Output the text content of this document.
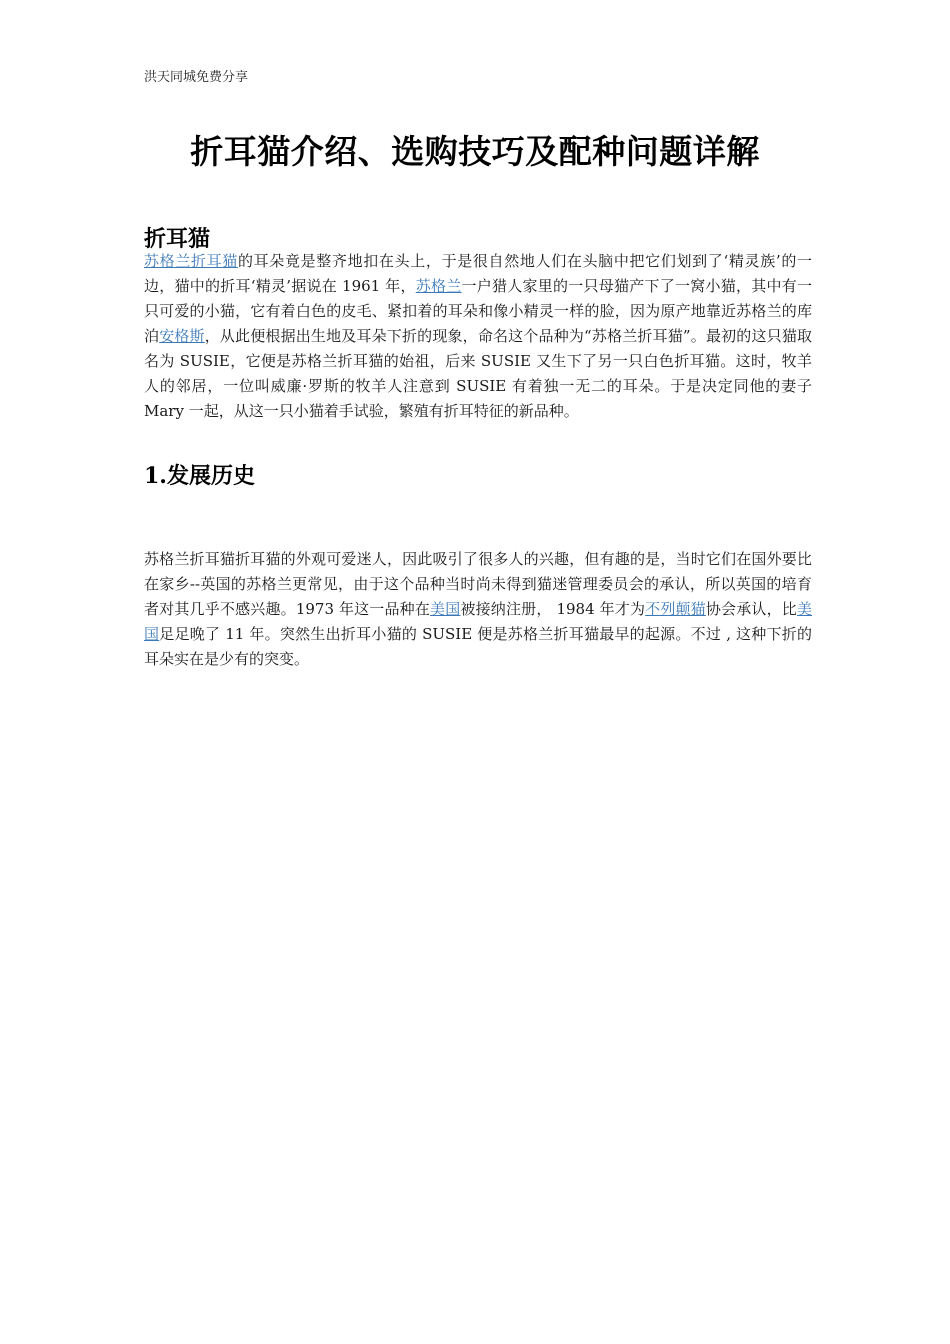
洪天同城免费分享
折耳猫介绍、选购技巧及配种问题详解
折耳猫
苏格兰折耳猫的耳朵竟是整齐地扣在头上，于是很自然地人们在头脑中把它们划到了‘精灵族’的一边，猫中的折耳‘精灵’据说在 1961 年，苏格兰一户猎人家里的一只母猫产下了一窝小猫，其中有一只可爱的小猫，它有着白色的皮毛、紧扣着的耳朵和像小精灵一样的脸，因为原产地靠近苏格兰的库泊安格斯，从此便根据出生地及耳朵下折的现象，命名这个品种为“苏格兰折耳猫”。最初的这只猫取名为 SUSIE，它便是苏格兰折耳猫的始祖，后来 SUSIE 又生下了另一只白色折耳猫。这时，牧羊人的邻居，一位叫威廉·罗斯的牧羊人注意到 SUSIE 有着独一无二的耳朵。于是决定同他的妻子 Mary 一起，从这一只小猫着手试验，繁殖有折耳特征的新品种。
1.发展历史
苏格兰折耳猫折耳猫的外观可爱迷人，因此吸引了很多人的兴趣，但有趣的是，当时它们在国外要比在家乡--英国的苏格兰更常见，由于这个品种当时尚未得到猫迷管理委员会的承认，所以英国的培育者对其几乎不感兴趣。1973 年这一品种在美国被接纳注册， 1984 年才为不列颠猫协会承认，比美国足足晚了 11 年。突然生出折耳小猫的 SUSIE 便是苏格兰折耳猫最早的起源。不过 , 这种下折的耳朵实在是少有的突变。
